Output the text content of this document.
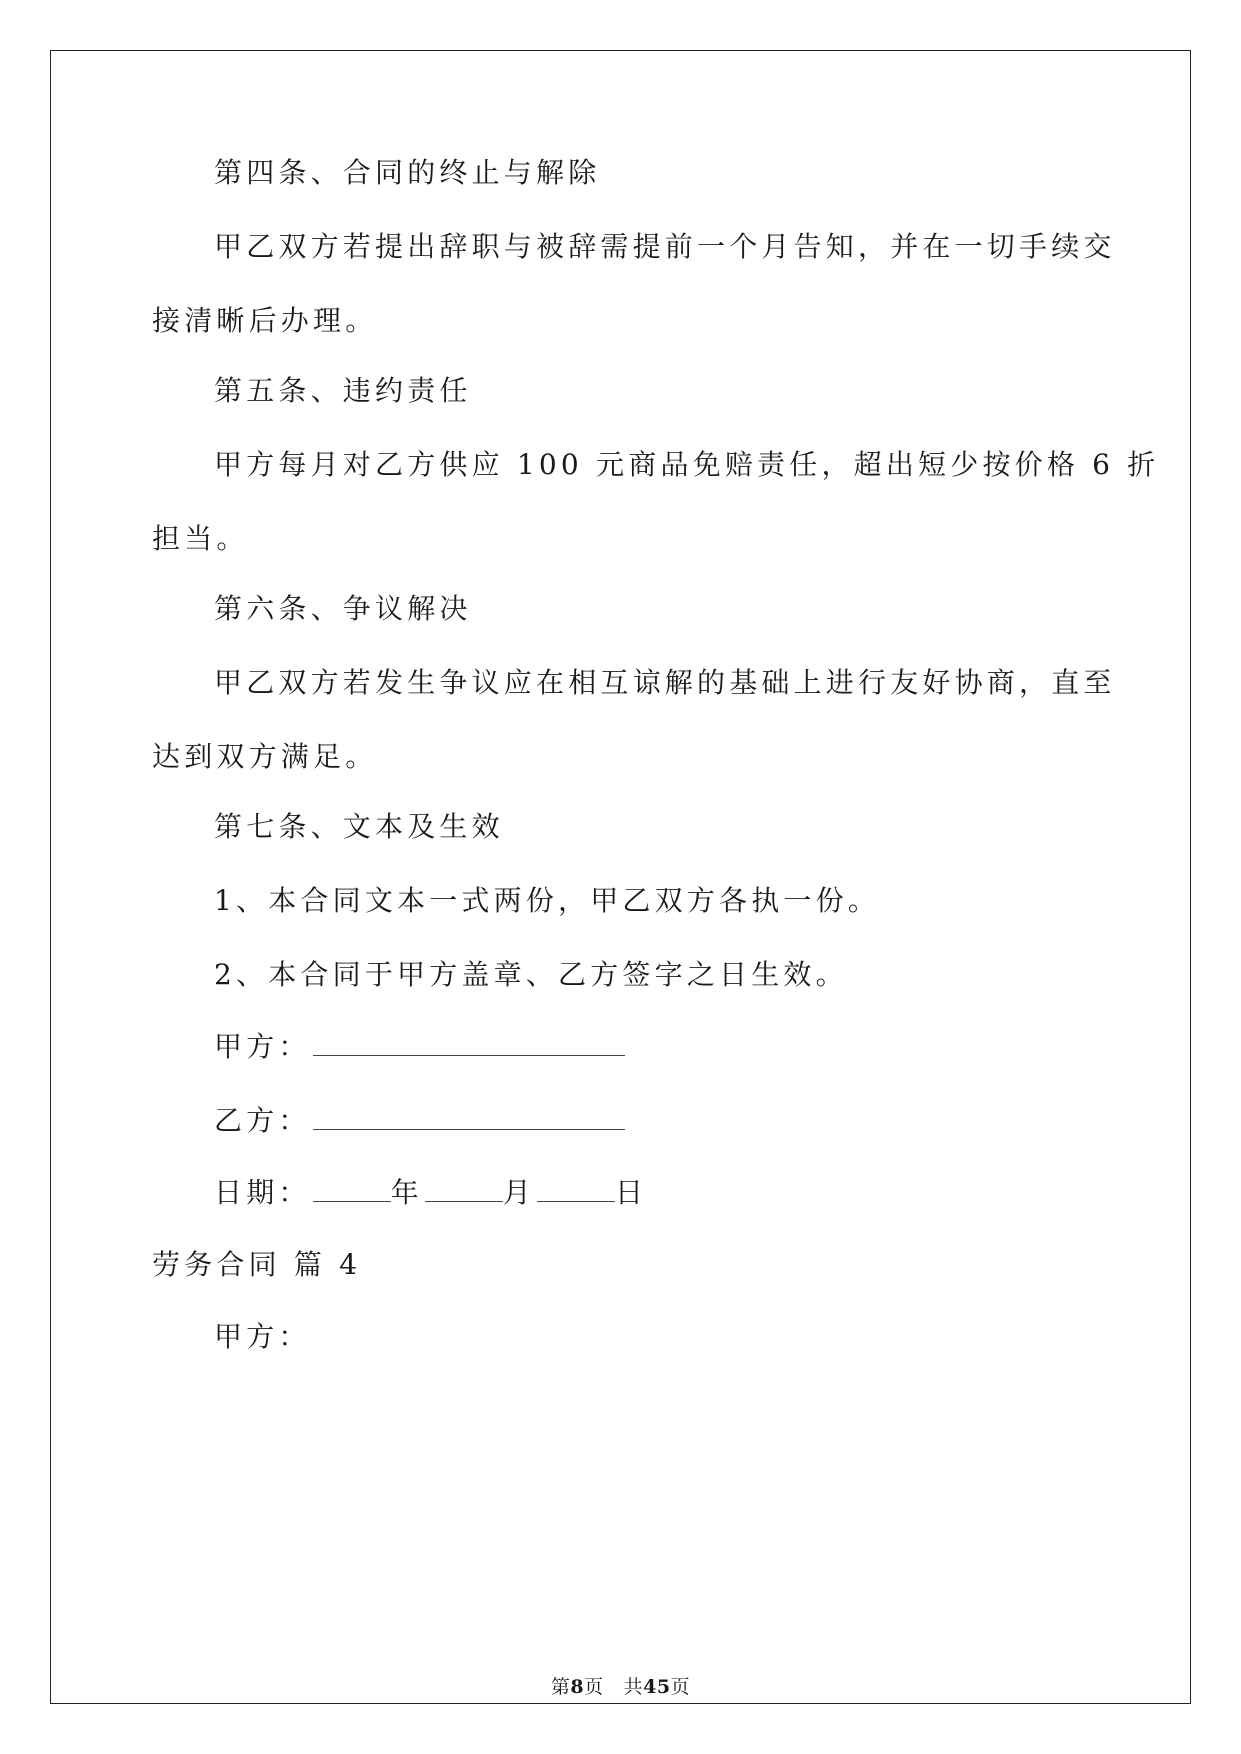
第四条、合同的终止与解除
甲乙双方若提出辞职与被辞需提前一个月告知，并在一切手续交
接清晰后办理。
第五条、违约责任
甲方每月对乙方供应 100 元商品免赔责任，超出短少按价格 6 折
担当。
第六条、争议解决
甲乙双方若发生争议应在相互谅解的基础上进行友好协商，直至
达到双方满足。
第七条、文本及生效
1、本合同文本一式两份，甲乙双方各执一份。
2、本合同于甲方盖章、乙方签字之日生效。
甲方：
乙方：
日期：	年	月	日
劳务合同 篇 4
甲方：
第8页 共45页
